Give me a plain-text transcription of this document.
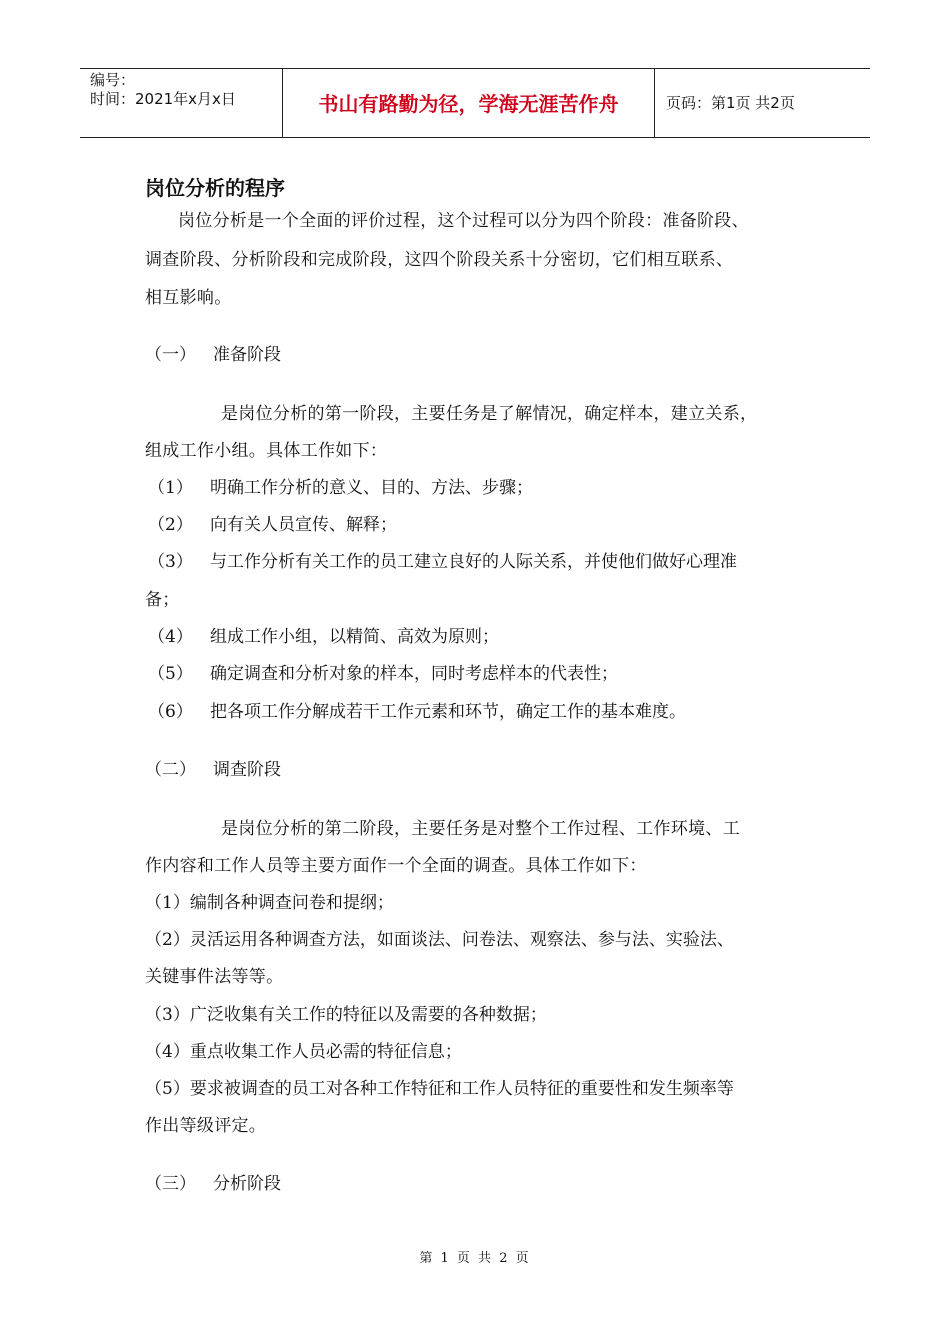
编号：
时间：2021年x月x日	书山有路勤为径，学海无涯苦作舟	页码：第1页 共2页
岗位分析的程序
岗位分析是一个全面的评价过程，这个过程可以分为四个阶段：准备阶段、
调查阶段、分析阶段和完成阶段，这四个阶段关系十分密切，它们相互联系、
相互影响。
（一） 准备阶段
是岗位分析的第一阶段，主要任务是了解情况，确定样本，建立关系，
组成工作小组。具体工作如下：
（1） 明确工作分析的意义、目的、方法、步骤；
（2） 向有关人员宣传、解释；
（3） 与工作分析有关工作的员工建立良好的人际关系，并使他们做好心理准
备；
（4） 组成工作小组，以精简、高效为原则；
（5） 确定调查和分析对象的样本，同时考虑样本的代表性；
（6） 把各项工作分解成若干工作元素和环节，确定工作的基本难度。
（二） 调查阶段
是岗位分析的第二阶段，主要任务是对整个工作过程、工作环境、工
作内容和工作人员等主要方面作一个全面的调查。具体工作如下：
（1）编制各种调查问卷和提纲；
（2）灵活运用各种调查方法，如面谈法、问卷法、观察法、参与法、实验法、
关键事件法等等。
（3）广泛收集有关工作的特征以及需要的各种数据；
（4）重点收集工作人员必需的特征信息；
（5）要求被调查的员工对各种工作特征和工作人员特征的重要性和发生频率等
作出等级评定。
（三） 分析阶段
第 1 页 共 2 页
